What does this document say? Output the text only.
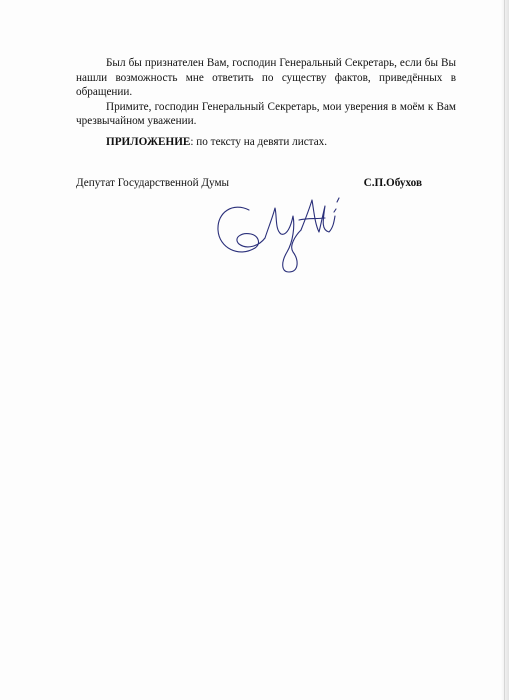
Был бы признателен Вам, господин Генеральный Секретарь, если бы Вы нашли возможность мне ответить по существу фактов, приведённых в обращении.

Примите, господин Генеральный Секретарь, мои уверения в моём к Вам чрезвычайном уважении.

ПРИЛОЖЕНИЕ: по тексту на девяти листах.
Депутат Государственной Думы	С.П.Обухов
